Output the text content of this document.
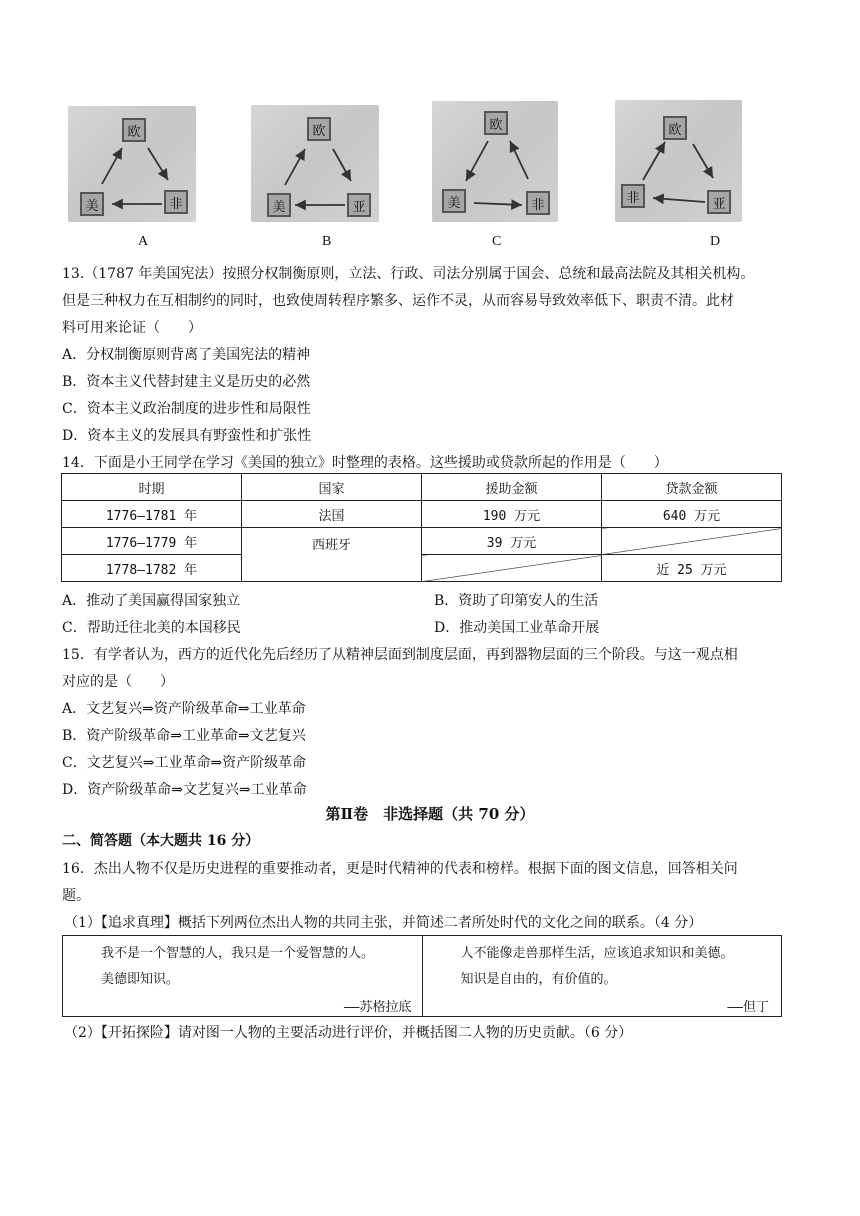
欧
美	非
A
欧
美	亚
B
欧
美	非
C
欧
非	亚
D
13.（1787 年美国宪法）按照分权制衡原则，立法、行政、司法分别属于国会、总统和最高法院及其相关机构。
但是三种权力在互相制约的同时，也致使周转程序繁多、运作不灵，从而容易导致效率低下、职责不清。此材
料可用来论证（　　）
A．分权制衡原则背离了美国宪法的精神
B．资本主义代替封建主义是历史的必然
C．资本主义政治制度的进步性和局限性
D．资本主义的发展具有野蛮性和扩张性
14．下面是小王同学在学习《美国的独立》时整理的表格。这些援助或贷款所起的作用是（　　）
时期	国家	援助金额	贷款金额
1776—1781 年	法国	190 万元	640 万元
1776—1779 年	西班牙	39 万元	
1778—1782 年			近 25 万元
A．推动了美国赢得国家独立	B．资助了印第安人的生活
C．帮助迁往北美的本国移民	D．推动美国工业革命开展
15．有学者认为，西方的近代化先后经历了从精神层面到制度层面，再到器物层面的三个阶段。与这一观点相
对应的是（　　）
A．文艺复兴⇒资产阶级革命⇒工业革命
B．资产阶级革命⇒工业革命⇒文艺复兴
C．文艺复兴⇒工业革命⇒资产阶级革命
D．资产阶级革命⇒文艺复兴⇒工业革命
第Ⅱ卷　非选择题（共 70 分）
二、简答题（本大题共 16 分）
16．杰出人物不仅是历史进程的重要推动者，更是时代精神的代表和榜样。根据下面的图文信息，回答相关问
题。
（1）【追求真理】概括下列两位杰出人物的共同主张，并简述二者所处时代的文化之间的联系。（4 分）
我不是一个智慧的人，我只是一个爱智慧的人。
美德即知识。
——苏格拉底
人不能像走兽那样生活，应该追求知识和美德。
知识是自由的，有价值的。
——但丁
（2）【开拓探险】请对图一人物的主要活动进行评价，并概括图二人物的历史贡献。（6 分）
